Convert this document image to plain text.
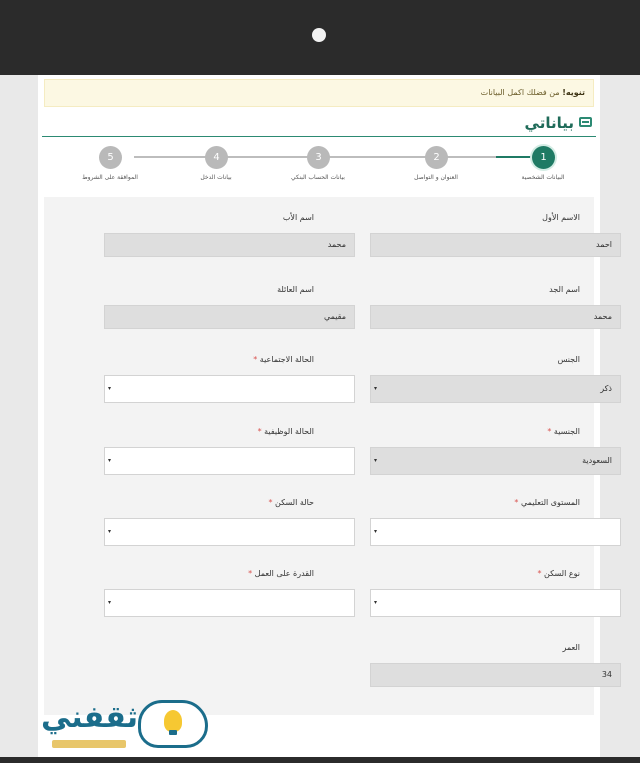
تنويه! من فضلك اكمل البيانات
بياناتي
1
2
3
4
5
البيانات الشخصية
العنوان و التواصل
بيانات الحساب البنكي
بيانات الدخل
الموافقة على الشروط
الاسم الأول
احمد
اسم الأب
محمد
اسم الجد
محمد
اسم العائلة
مقيمي
الجنس
ذكر
▾
الحالة الاجتماعية *
▾
الجنسية *
السعودية
▾
الحالة الوظيفية *
▾
المستوى التعليمي *
▾
حالة السكن *
▾
نوع السكن *
▾
القدرة على العمل *
▾
العمر
34
ثقفني
